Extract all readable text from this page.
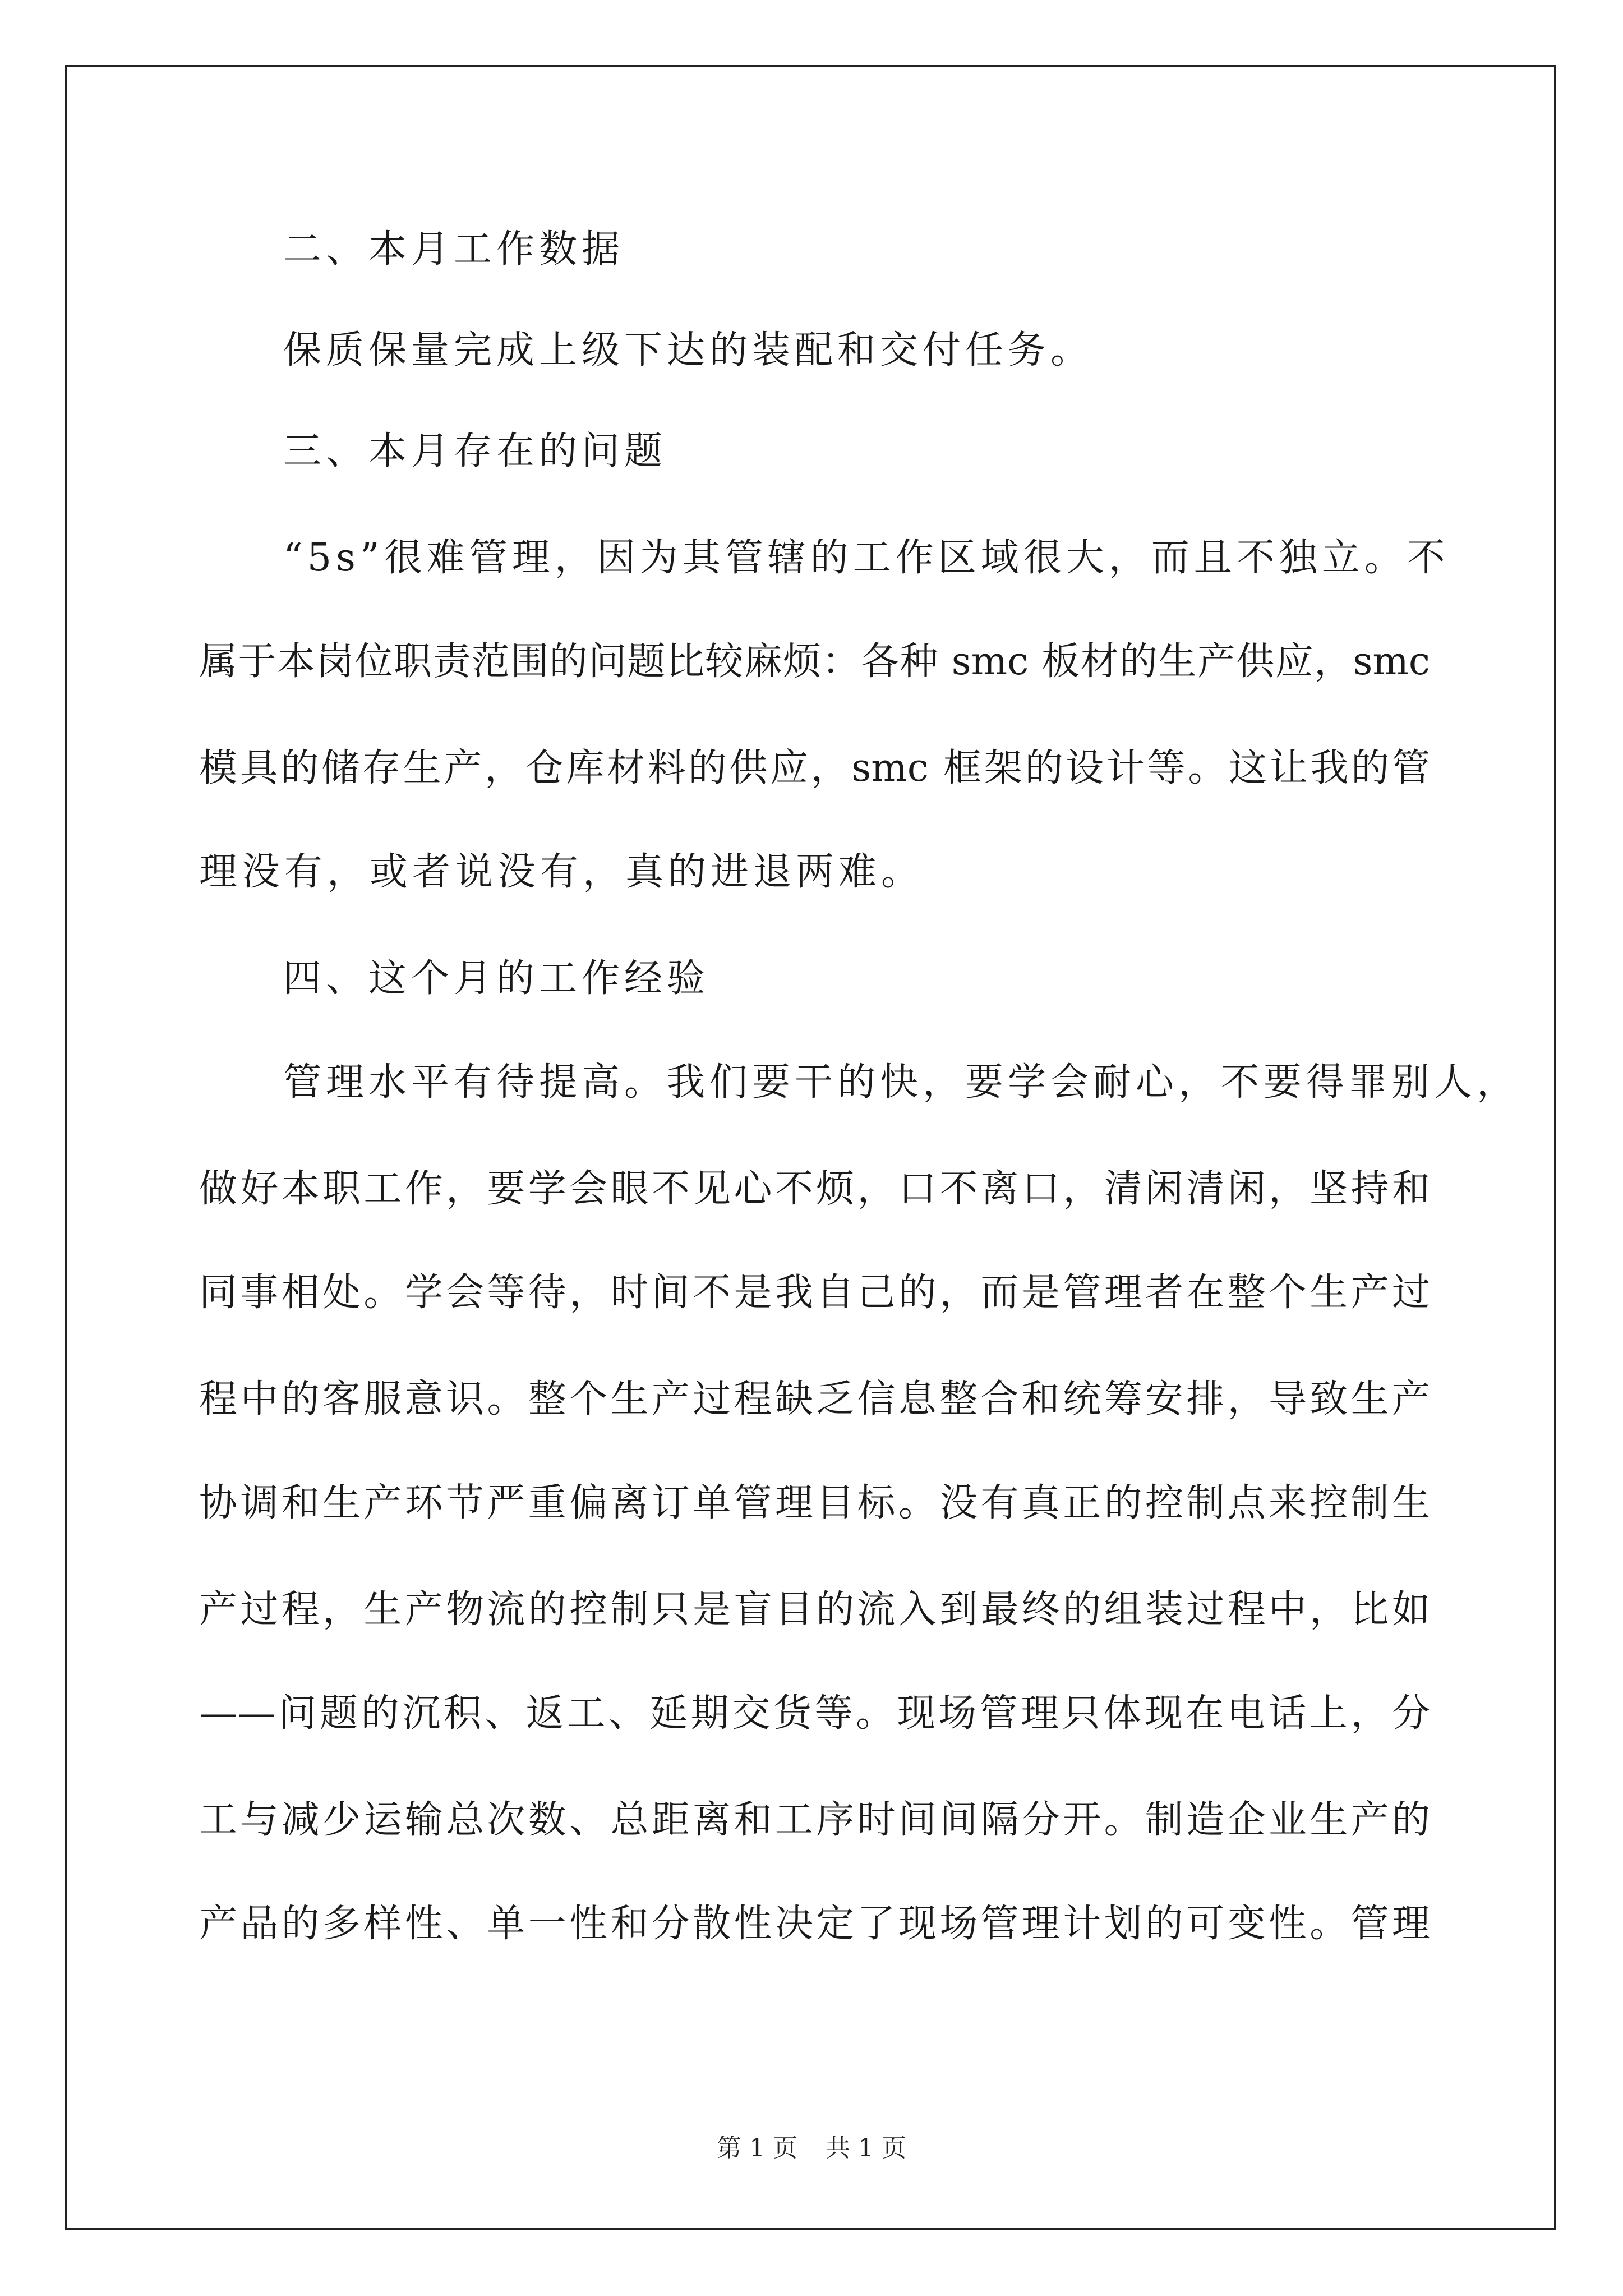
二、本月工作数据
保质保量完成上级下达的装配和交付任务。
三、本月存在的问题
“5s”很难管理，因为其管辖的工作区域很大，而且不独立。不
属于本岗位职责范围的问题比较麻烦：各种 smc 板材的生产供应，smc
模具的储存生产，仓库材料的供应，smc 框架的设计等。这让我的管
理没有，或者说没有，真的进退两难。
四、这个月的工作经验
管理水平有待提高。我们要干的快，要学会耐心，不要得罪别人，
做好本职工作，要学会眼不见心不烦，口不离口，清闲清闲，坚持和
同事相处。学会等待，时间不是我自己的，而是管理者在整个生产过
程中的客服意识。整个生产过程缺乏信息整合和统筹安排，导致生产
协调和生产环节严重偏离订单管理目标。没有真正的控制点来控制生
产过程，生产物流的控制只是盲目的流入到最终的组装过程中，比如
——问题的沉积、返工、延期交货等。现场管理只体现在电话上，分
工与减少运输总次数、总距离和工序时间间隔分开。制造企业生产的
产品的多样性、单一性和分散性决定了现场管理计划的可变性。管理
第 1 页 共 1 页
